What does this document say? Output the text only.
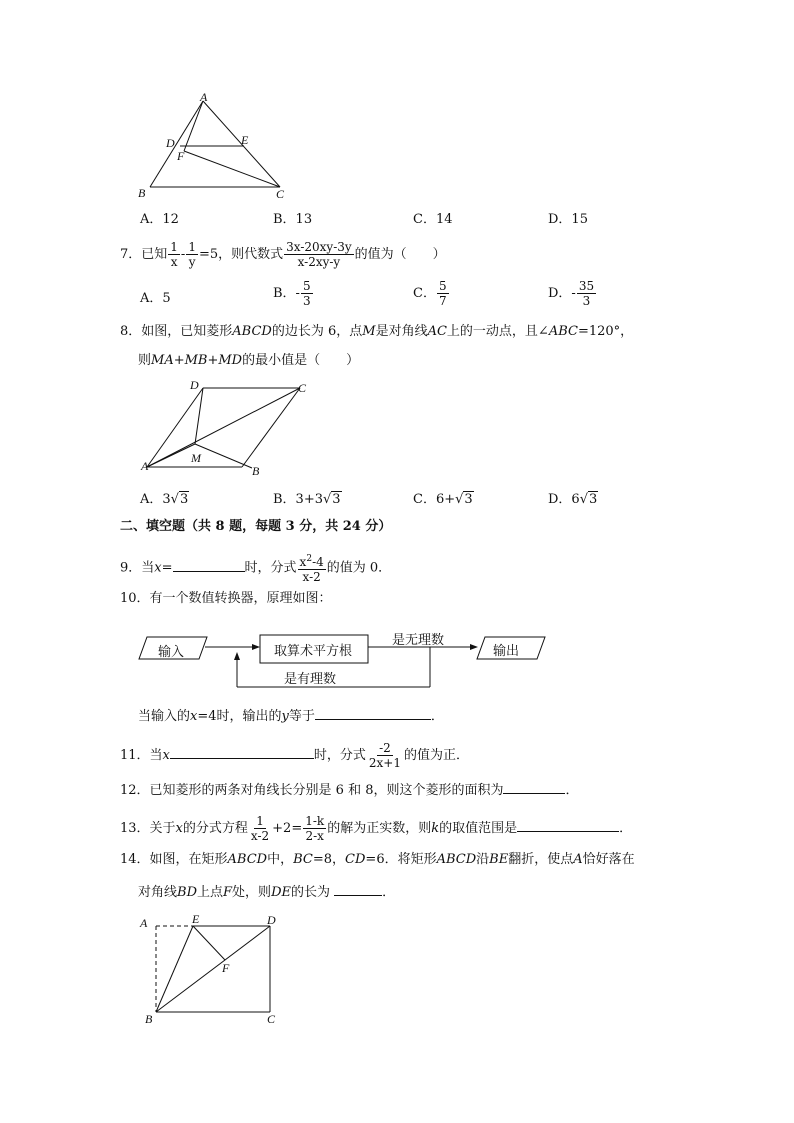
A
D	E
F
B	C
A．12	B．13	C．14	D．15
7．已知 $\frac{1}{x} - \frac{1}{y} =5$，则代数式 $\frac{3x-20xy-3y}{x-2xy-y}$ 的值为（　　）
A．5	B．- $\frac{5}{3}$	C． $\frac{5}{7}$	D．- $\frac{35}{3}$
8．如图，已知菱形ABCD的边长为 6，点M是对角线AC上的一动点，且∠ABC=120°，
则MA+MB+MD的最小值是（　　）
D	C
M
A	B
A．3√3	B．3+3√3	C．6+√3	D．6√3
二、填空题（共 8 题，每题 3 分，共 24 分）
9．当x=	时，分式 $\frac{x^2-4}{x-2}$ 的值为 0．
10．有一个数值转换器，原理如图：
输入	取算术平方根
是无理数
输出
是有理数
当输入的x=4时，输出的y等于	．
11．当x	时，分式 $\frac{-2}{2x+1}$ 的值为正．
12．已知菱形的两条对角线长分别是 6 和 8，则这个菱形的面积为	．
13．关于x的分式方程 $\frac{1}{x-2} +2= \frac{1-k}{2-x}$ 的解为正实数，则k的取值范围是	．
14．如图，在矩形ABCD中，BC=8，CD=6．将矩形ABCD沿BE翻折，使点A恰好落在
对角线BD上点F处，则DE的长为	．
A	E	D
F
B	C
